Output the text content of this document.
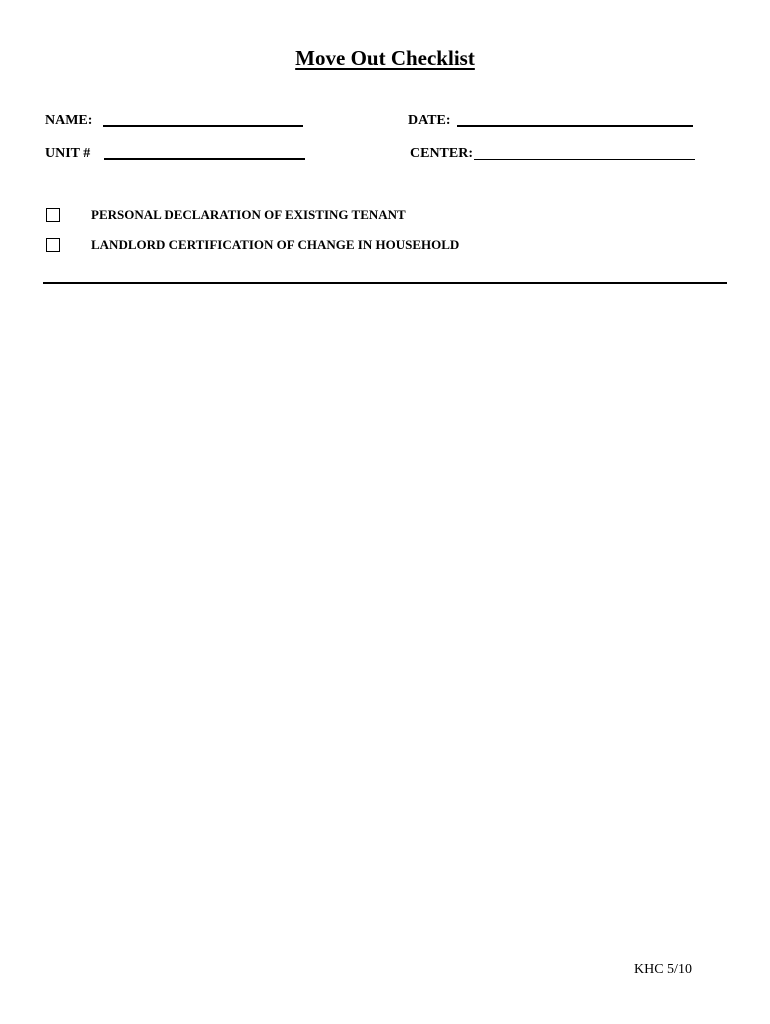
Move Out Checklist
NAME:	DATE:
UNIT #	CENTER:
PERSONAL DECLARATION OF EXISTING TENANT
LANDLORD CERTIFICATION OF CHANGE IN HOUSEHOLD
KHC 5/10
